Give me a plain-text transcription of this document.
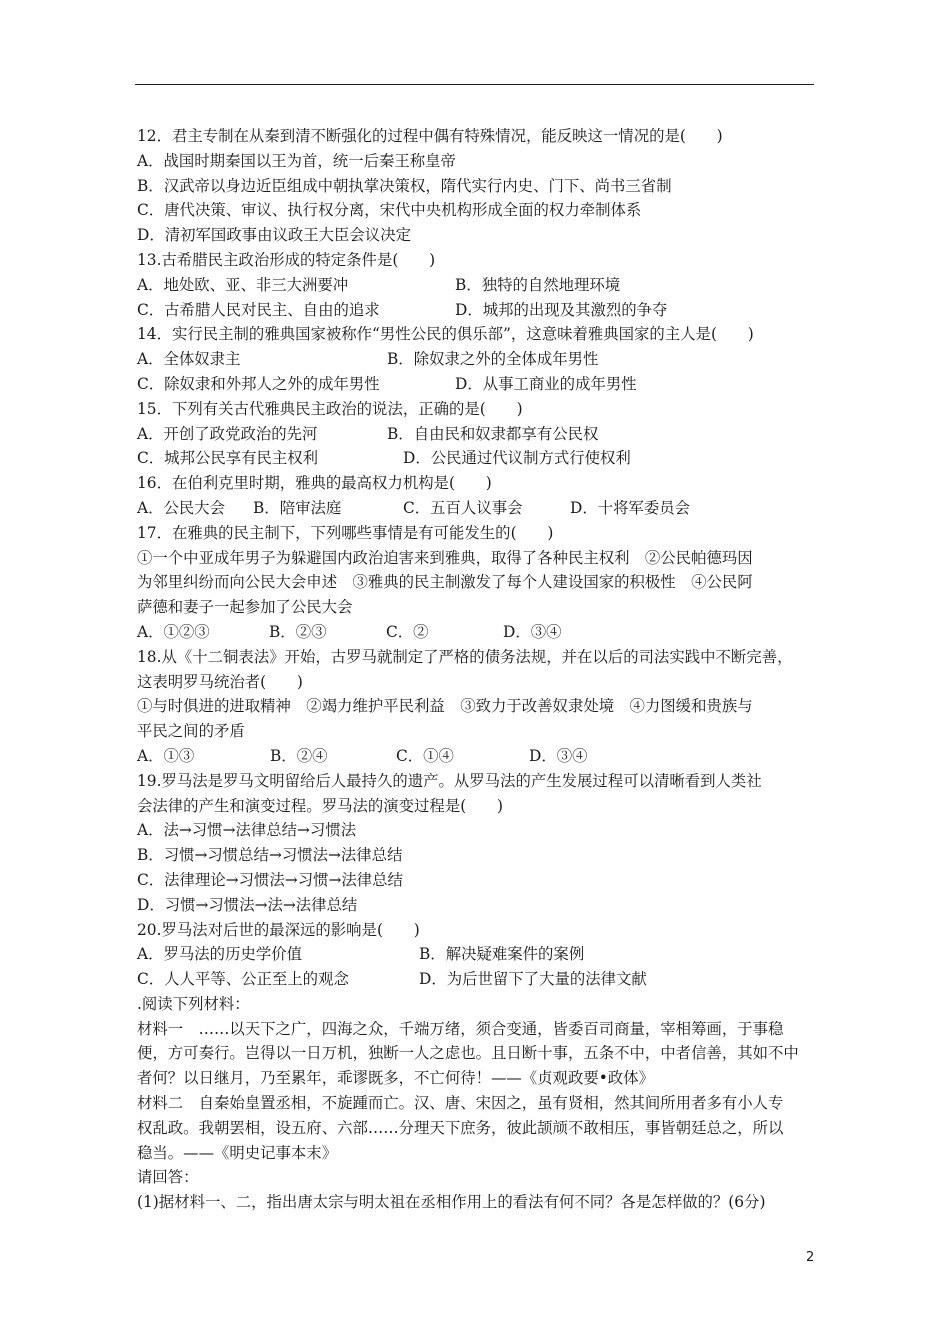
12．君主专制在从秦到清不断强化的过程中偶有特殊情况，能反映这一情况的是(　　)
A．战国时期秦国以王为首，统一后秦王称皇帝
B．汉武帝以身边近臣组成中朝执掌决策权，隋代实行内史、门下、尚书三省制
C．唐代决策、审议、执行权分离，宋代中央机构形成全面的权力牵制体系
D．清初军国政事由议政王大臣会议决定
13.古希腊民主政治形成的特定条件是(　　)
A．地处欧、亚、非三大洲要冲	B．独特的自然地理环境
C．古希腊人民对民主、自由的追求	D．城邦的出现及其激烈的争夺
14．实行民主制的雅典国家被称作“男性公民的俱乐部”，这意味着雅典国家的主人是(　　)
A．全体奴隶主	B．除奴隶之外的全体成年男性
C．除奴隶和外邦人之外的成年男性	D．从事工商业的成年男性
15．下列有关古代雅典民主政治的说法，正确的是(　　)
A．开创了政党政治的先河	B．自由民和奴隶都享有公民权
C．城邦公民享有民主权利	D．公民通过代议制方式行使权利
16．在伯利克里时期，雅典的最高权力机构是(　　)
A．公民大会	B．陪审法庭	C．五百人议事会	D．十将军委员会
17．在雅典的民主制下，下列哪些事情是有可能发生的(　　)
①一个中亚成年男子为躲避国内政治迫害来到雅典，取得了各种民主权利　②公民帕德玛因
为邻里纠纷而向公民大会申述　③雅典的民主制激发了每个人建设国家的积极性　④公民阿
萨德和妻子一起参加了公民大会
A．①②③	B．②③	C．②	D．③④
18.从《十二铜表法》开始，古罗马就制定了严格的债务法规，并在以后的司法实践中不断完善，
这表明罗马统治者(　　)
①与时俱进的进取精神　②竭力维护平民利益　③致力于改善奴隶处境　④力图缓和贵族与
平民之间的矛盾
A．①③	B．②④	C．①④	D．③④
19.罗马法是罗马文明留给后人最持久的遗产。从罗马法的产生发展过程可以清晰看到人类社
会法律的产生和演变过程。罗马法的演变过程是(　　)
A．法→习惯→法律总结→习惯法
B．习惯→习惯总结→习惯法→法律总结
C．法律理论→习惯法→习惯→法律总结
D．习惯→习惯法→法→法律总结
20.罗马法对后世的最深远的影响是(　　)
A．罗马法的历史学价值	B．解决疑难案件的案例
C．人人平等、公正至上的观念	D．为后世留下了大量的法律文献
.阅读下列材料：
材料一　……以天下之广，四海之众，千端万绪，须合变通，皆委百司商量，宰相筹画，于事稳
便，方可奏行。岂得以一日万机，独断一人之虑也。且日断十事，五条不中，中者信善，其如不中
者何？以日继月，乃至累年，乖谬既多，不亡何待！——《贞观政要•政体》
材料二　自秦始皇置丞相，不旋踵而亡。汉、唐、宋因之，虽有贤相，然其间所用者多有小人专
权乱政。我朝罢相，设五府、六部……分理天下庶务，彼此颉颃不敢相压，事皆朝廷总之，所以
稳当。——《明史记事本末》
请回答：
(1)据材料一、二，指出唐太宗与明太祖在丞相作用上的看法有何不同？各是怎样做的？(6分)
2
